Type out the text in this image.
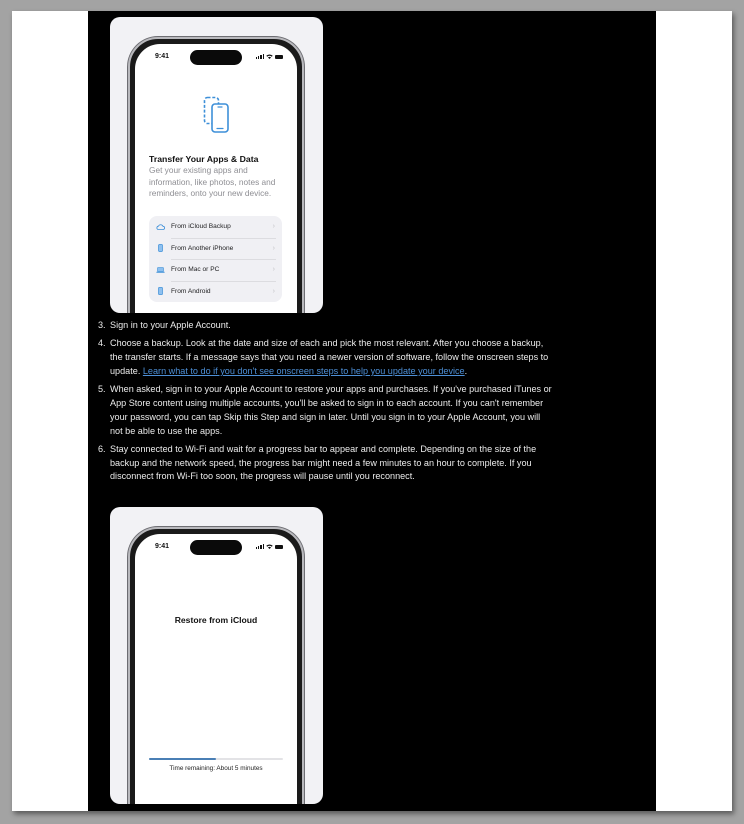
9:41
Transfer Your Apps & Data
Get your existing apps and information, like photos, notes and reminders, onto your new device.
From iCloud Backup	›
From Another iPhone	›
From Mac or PC	›
From Android	›
3. Sign in to your Apple Account.
4. Choose a backup. Look at the date and size of each and pick the most relevant. After you choose a backup, the transfer starts. If a message says that you need a newer version of software, follow the onscreen steps to update. Learn what to do if you don't see onscreen steps to help you update your device.
5. When asked, sign in to your Apple Account to restore your apps and purchases. If you've purchased iTunes or App Store content using multiple accounts, you'll be asked to sign in to each account. If you can't remember your password, you can tap Skip this Step and sign in later. Until you sign in to your Apple Account, you will not be able to use the apps.
6. Stay connected to Wi-Fi and wait for a progress bar to appear and complete. Depending on the size of the backup and the network speed, the progress bar might need a few minutes to an hour to complete. If you disconnect from Wi-Fi too soon, the progress will pause until you reconnect.
9:41
Restore from iCloud
Time remaining: About 5 minutes
